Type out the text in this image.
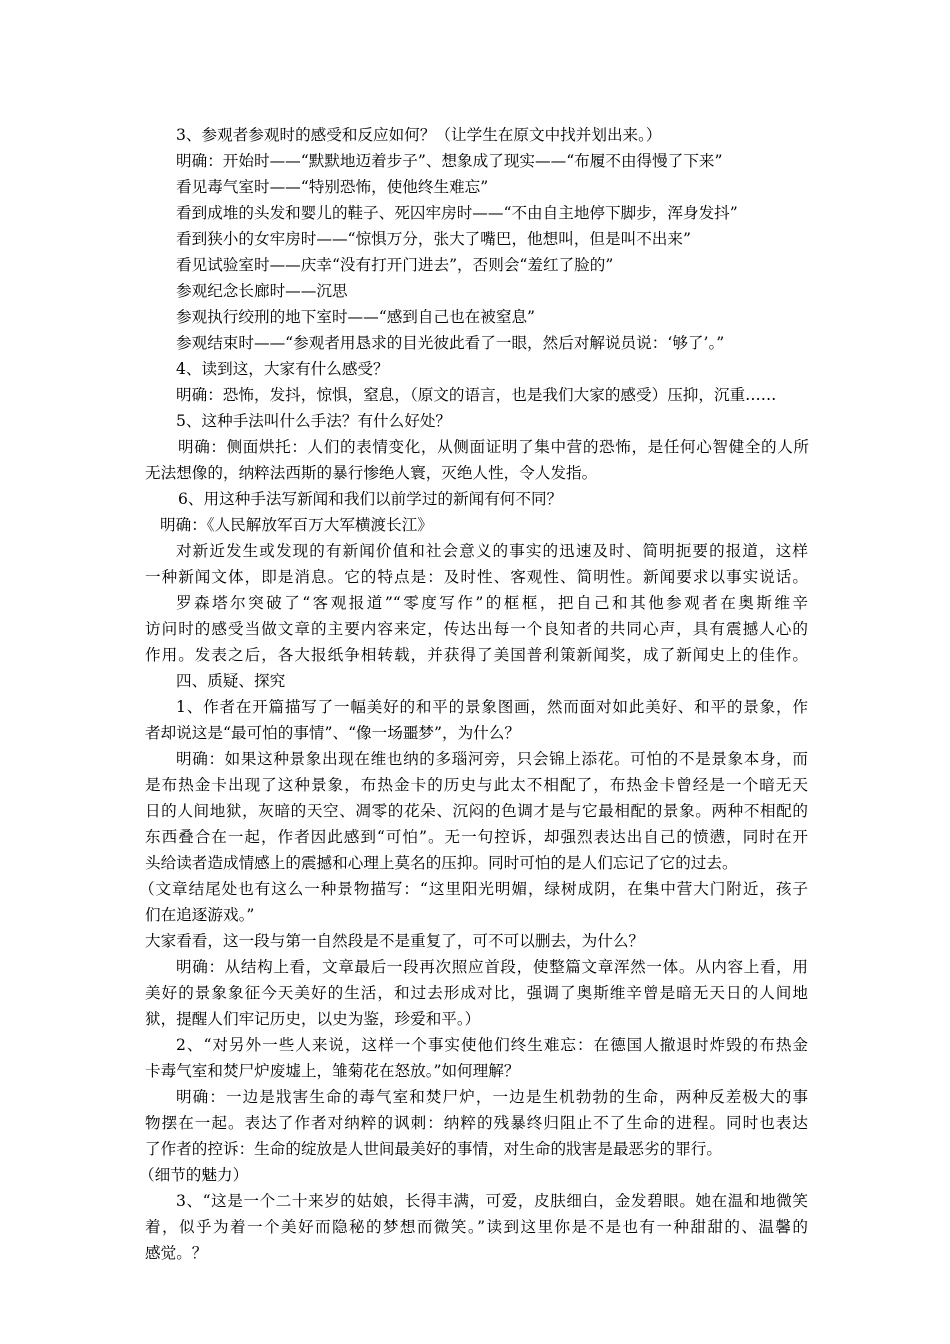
3、参观者参观时的感受和反应如何？（让学生在原文中找并划出来。）
明确：开始时——“默默地迈着步子”、想象成了现实——“布履不由得慢了下来”
看见毒气室时——“特别恐怖，使他终生难忘”
看到成堆的头发和婴儿的鞋子、死囚牢房时——“不由自主地停下脚步，浑身发抖”
看到狭小的女牢房时——“惊惧万分，张大了嘴巴，他想叫，但是叫不出来”
看见试验室时——庆幸“没有打开门进去”，否则会“羞红了脸的”
参观纪念长廊时——沉思
参观执行绞刑的地下室时——“感到自己也在被窒息”
参观结束时——“参观者用恳求的目光彼此看了一眼，然后对解说员说：‘够了’。”
4、读到这，大家有什么感受？
明确：恐怖，发抖，惊惧，窒息，（原文的语言，也是我们大家的感受）压抑，沉重……
5、这种手法叫什么手法？有什么好处？
明确：侧面烘托：人们的表情变化，从侧面证明了集中营的恐怖，是任何心智健全的人所
无法想像的，纳粹法西斯的暴行惨绝人寰，灭绝人性，令人发指。
6、用这种手法写新闻和我们以前学过的新闻有何不同？
明确：《人民解放军百万大军横渡长江》
对新近发生或发现的有新闻价值和社会意义的事实的迅速及时、简明扼要的报道，这样
一种新闻文体，即是消息。它的特点是：及时性、客观性、简明性。新闻要求以事实说话。
罗森塔尔突破了“客观报道”“零度写作”的框框，把自己和其他参观者在奥斯维辛
访问时的感受当做文章的主要内容来定，传达出每一个良知者的共同心声，具有震撼人心的
作用。发表之后，各大报纸争相转载，并获得了美国普利策新闻奖，成了新闻史上的佳作。
四、质疑、探究
1、作者在开篇描写了一幅美好的和平的景象图画，然而面对如此美好、和平的景象，作
者却说这是“最可怕的事情”、“像一场噩梦”，为什么？
明确：如果这种景象出现在维也纳的多瑙河旁，只会锦上添花。可怕的不是景象本身，而
是布热金卡出现了这种景象，布热金卡的历史与此太不相配了，布热金卡曾经是一个暗无天
日的人间地狱，灰暗的天空、凋零的花朵、沉闷的色调才是与它最相配的景象。两种不相配的
东西叠合在一起，作者因此感到“可怕”。无一句控诉，却强烈表达出自己的愤懑，同时在开
头给读者造成情感上的震撼和心理上莫名的压抑。同时可怕的是人们忘记了它的过去。
（文章结尾处也有这么一种景物描写：“这里阳光明媚，绿树成阴，在集中营大门附近，孩子
们在追逐游戏。”
大家看看，这一段与第一自然段是不是重复了，可不可以删去，为什么？
明确：从结构上看，文章最后一段再次照应首段，使整篇文章浑然一体。从内容上看，用
美好的景象象征今天美好的生活，和过去形成对比，强调了奥斯维辛曾是暗无天日的人间地
狱，提醒人们牢记历史，以史为鉴，珍爱和平。）
2、“对另外一些人来说，这样一个事实使他们终生难忘：在德国人撤退时炸毁的布热金
卡毒气室和焚尸炉废墟上，雏菊花在怒放。”如何理解？
明确：一边是戕害生命的毒气室和焚尸炉，一边是生机勃勃的生命，两种反差极大的事
物摆在一起。表达了作者对纳粹的讽刺：纳粹的残暴终归阻止不了生命的进程。同时也表达
了作者的控诉：生命的绽放是人世间最美好的事情，对生命的戕害是最恶劣的罪行。
（细节的魅力）
3、“这是一个二十来岁的姑娘，长得丰满，可爱，皮肤细白，金发碧眼。她在温和地微笑
着，似乎为着一个美好而隐秘的梦想而微笑。”读到这里你是不是也有一种甜甜的、温馨的
感觉。？
